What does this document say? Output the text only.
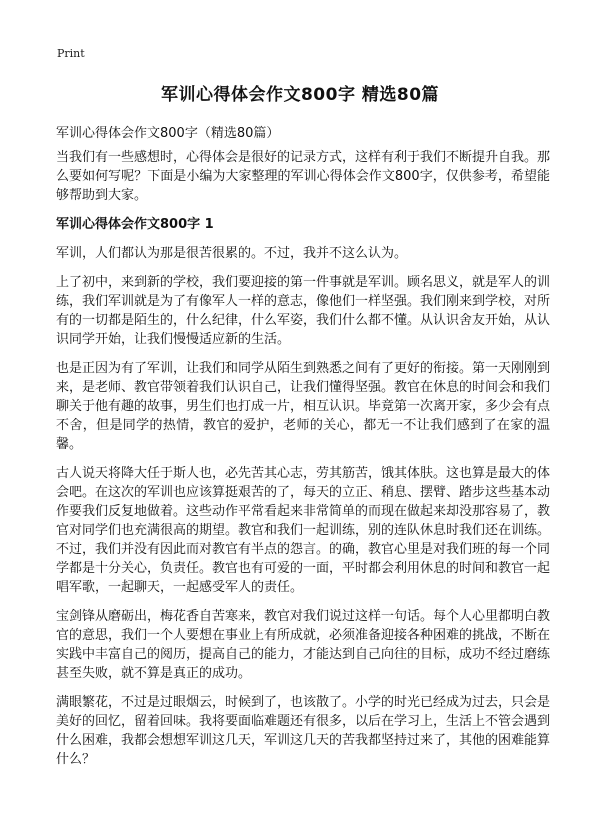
Print
军训心得体会作文800字 精选80篇
军训心得体会作文800字（精选80篇）

当我们有一些感想时，心得体会是很好的记录方式，这样有利于我们不断提升自我。那么要如何写呢？下面是小编为大家整理的军训心得体会作文800字，仅供参考，希望能够帮助到大家。

军训心得体会作文800字 1

军训，人们都认为那是很苦很累的。不过，我并不这么认为。

上了初中，来到新的学校，我们要迎接的第一件事就是军训。顾名思义，就是军人的训练，我们军训就是为了有像军人一样的意志，像他们一样坚强。我们刚来到学校，对所有的一切都是陌生的，什么纪律，什么军姿，我们什么都不懂。从认识舍友开始，从认识同学开始，让我们慢慢适应新的生活。

也是正因为有了军训，让我们和同学从陌生到熟悉之间有了更好的衔接。第一天刚刚到来，是老师、教官带领着我们认识自己，让我们懂得坚强。教官在休息的时间会和我们聊关于他有趣的故事，男生们也打成一片，相互认识。毕竟第一次离开家，多少会有点不舍，但是同学的热情，教官的爱护，老师的关心，都无一不让我们感到了在家的温馨。

古人说天将降大任于斯人也，必先苦其心志，劳其筋苦，饿其体肤。这也算是最大的体会吧。在这次的军训也应该算挺艰苦的了，每天的立正、稍息、摆臂、踏步这些基本动作要我们反复地做着。这些动作平常看起来非常简单的而现在做起来却没那容易了，教官对同学们也充满很高的期望。教官和我们一起训练，别的连队休息时我们还在训练。不过，我们并没有因此而对教官有半点的怨言。的确，教官心里是对我们班的每一个同学都是十分关心，负责任。教官也有可爱的一面，平时都会利用休息的时间和教官一起唱军歌，一起聊天，一起感受军人的责任。

宝剑锋从磨砺出，梅花香自苦寒来，教官对我们说过这样一句话。每个人心里都明白教官的意思，我们一个人要想在事业上有所成就，必须准备迎接各种困难的挑战，不断在实践中丰富自己的阅历，提高自己的能力，才能达到自己向往的目标，成功不经过磨练甚至失败，就不算是真正的成功。

满眼繁花，不过是过眼烟云，时候到了，也该散了。小学的时光已经成为过去，只会是美好的回忆，留着回味。我将要面临难题还有很多，以后在学习上，生活上不管会遇到什么困难，我都会想想军训这几天，军训这几天的苦我都坚持过来了，其他的困难能算什么？
